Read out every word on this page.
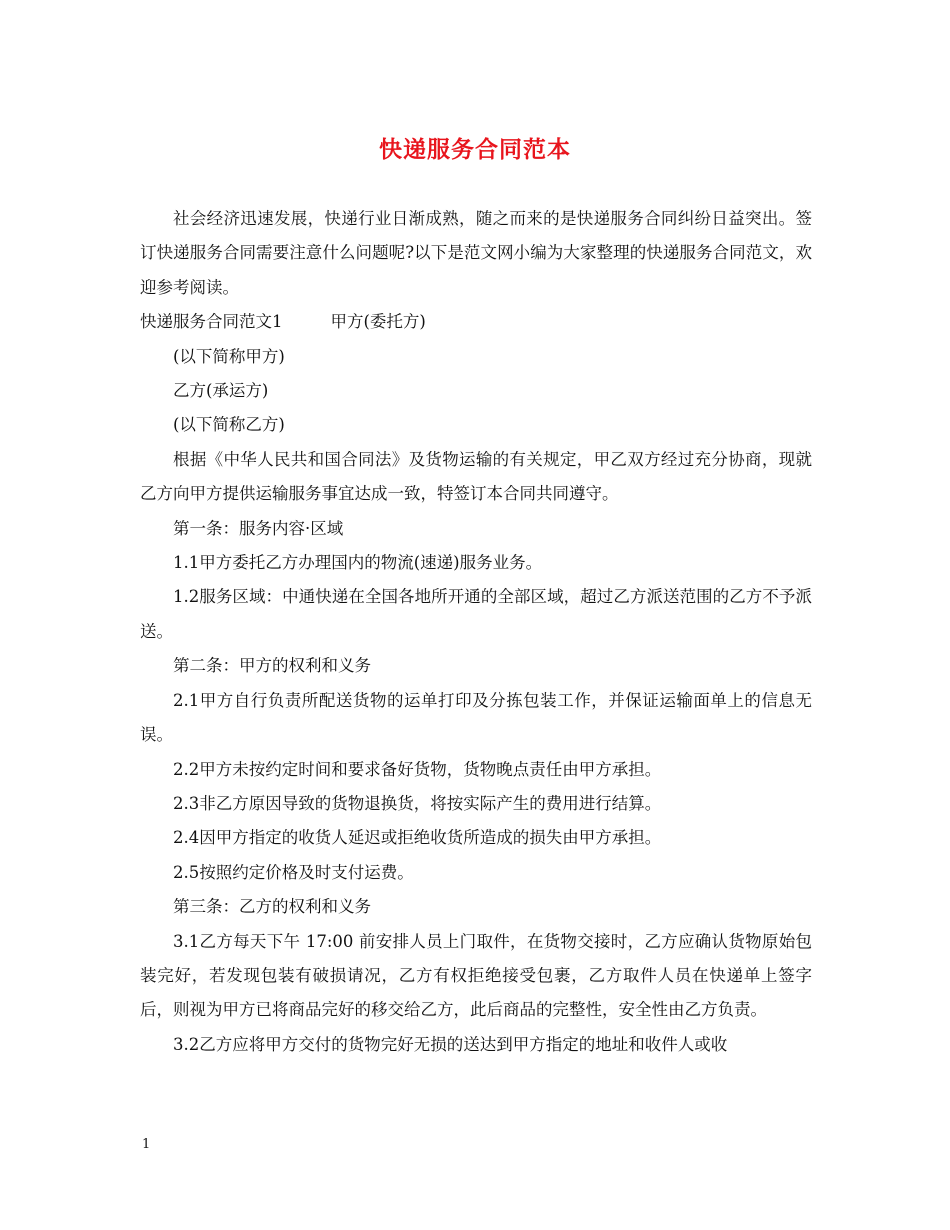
快递服务合同范本

社会经济迅速发展，快递行业日渐成熟，随之而来的是快递服务合同纠纷日益突出。签订快递服务合同需要注意什么问题呢?以下是范文网小编为大家整理的快递服务合同范文，欢迎参考阅读。

快递服务合同范文1	甲方(委托方)

(以下简称甲方)

乙方(承运方)

(以下简称乙方)

根据《中华人民共和国合同法》及货物运输的有关规定，甲乙双方经过充分协商，现就乙方向甲方提供运输服务事宜达成一致，特签订本合同共同遵守。

第一条：服务内容·区域

1.1甲方委托乙方办理国内的物流(速递)服务业务。

1.2服务区域：中通快递在全国各地所开通的全部区域，超过乙方派送范围的乙方不予派送。

第二条：甲方的权利和义务

2.1甲方自行负责所配送货物的运单打印及分拣包装工作，并保证运输面单上的信息无误。

2.2甲方未按约定时间和要求备好货物，货物晚点责任由甲方承担。

2.3非乙方原因导致的货物退换货，将按实际产生的费用进行结算。

2.4因甲方指定的收货人延迟或拒绝收货所造成的损失由甲方承担。

2.5按照约定价格及时支付运费。

第三条：乙方的权利和义务

3.1乙方每天下午 17:00 前安排人员上门取件，在货物交接时，乙方应确认货物原始包装完好，若发现包装有破损请况，乙方有权拒绝接受包裹，乙方取件人员在快递单上签字后，则视为甲方已将商品完好的移交给乙方，此后商品的完整性，安全性由乙方负责。

3.2乙方应将甲方交付的货物完好无损的送达到甲方指定的地址和收件人或收

1
